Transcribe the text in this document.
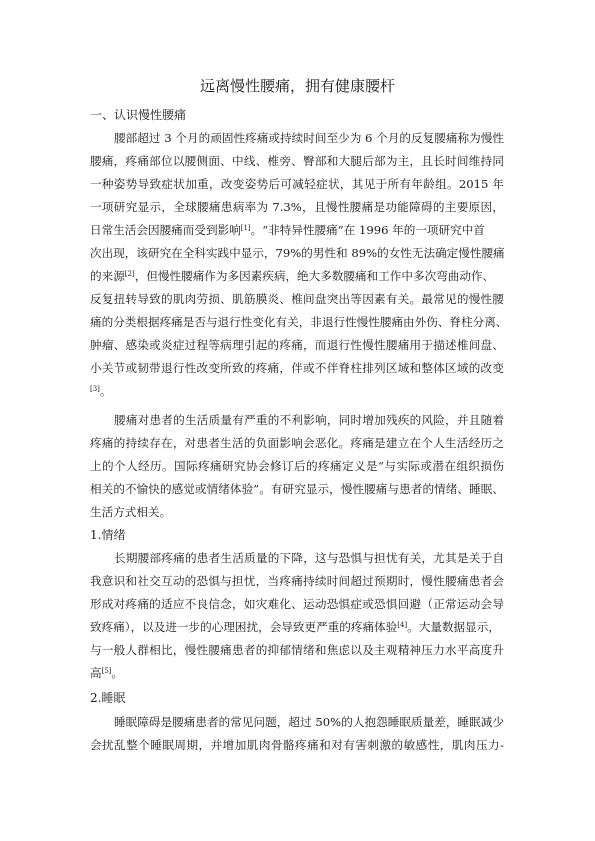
远离慢性腰痛，拥有健康腰杆
一、认识慢性腰痛
腰部超过 3 个月的顽固性疼痛或持续时间至少为 6 个月的反复腰痛称为慢性
腰痛，疼痛部位以腰侧面、中线、椎旁、臀部和大腿后部为主，且长时间维持同
一种姿势导致症状加重，改变姿势后可减轻症状，其见于所有年龄组。2015 年
一项研究显示，全球腰痛患病率为 7.3%，且慢性腰痛是功能障碍的主要原因，
日常生活会因腰痛而受到影响[1]。“非特异性腰痛”在 1996 年的一项研究中首
次出现，该研究在全科实践中显示，79%的男性和 89%的女性无法确定慢性腰痛
的来源[2]，但慢性腰痛作为多因素疾病，绝大多数腰痛和工作中多次弯曲动作、
反复扭转导致的肌肉劳损、肌筋膜炎、椎间盘突出等因素有关。最常见的慢性腰
痛的分类根据疼痛是否与退行性变化有关，非退行性慢性腰痛由外伤、脊柱分离、
肿瘤、感染或炎症过程等病理引起的疼痛，而退行性慢性腰痛用于描述椎间盘、
小关节或韧带退行性改变所致的疼痛，伴或不伴脊柱排列区域和整体区域的改变
[3]。
腰痛对患者的生活质量有严重的不利影响，同时增加残疾的风险，并且随着
疼痛的持续存在，对患者生活的负面影响会恶化。疼痛是建立在个人生活经历之
上的个人经历。国际疼痛研究协会修订后的疼痛定义是“与实际或潜在组织损伤
相关的不愉快的感觉或情绪体验”。有研究显示，慢性腰痛与患者的情绪、睡眠、
生活方式相关。
1.情绪
长期腰部疼痛的患者生活质量的下降，这与恐惧与担忧有关，尤其是关于自
我意识和社交互动的恐惧与担忧，当疼痛持续时间超过预期时，慢性腰痛患者会
形成对疼痛的适应不良信念，如灾难化、运动恐惧症或恐惧回避（正常运动会导
致疼痛），以及进一步的心理困扰，会导致更严重的疼痛体验[4]。大量数据显示，
与一般人群相比，慢性腰痛患者的抑郁情绪和焦虑以及主观精神压力水平高度升
高[5]。
2.睡眠
睡眠障碍是腰痛患者的常见问题，超过 50%的人抱怨睡眠质量差，睡眠减少
会扰乱整个睡眠周期，并增加肌肉骨骼疼痛和对有害刺激的敏感性，肌肉压力-
